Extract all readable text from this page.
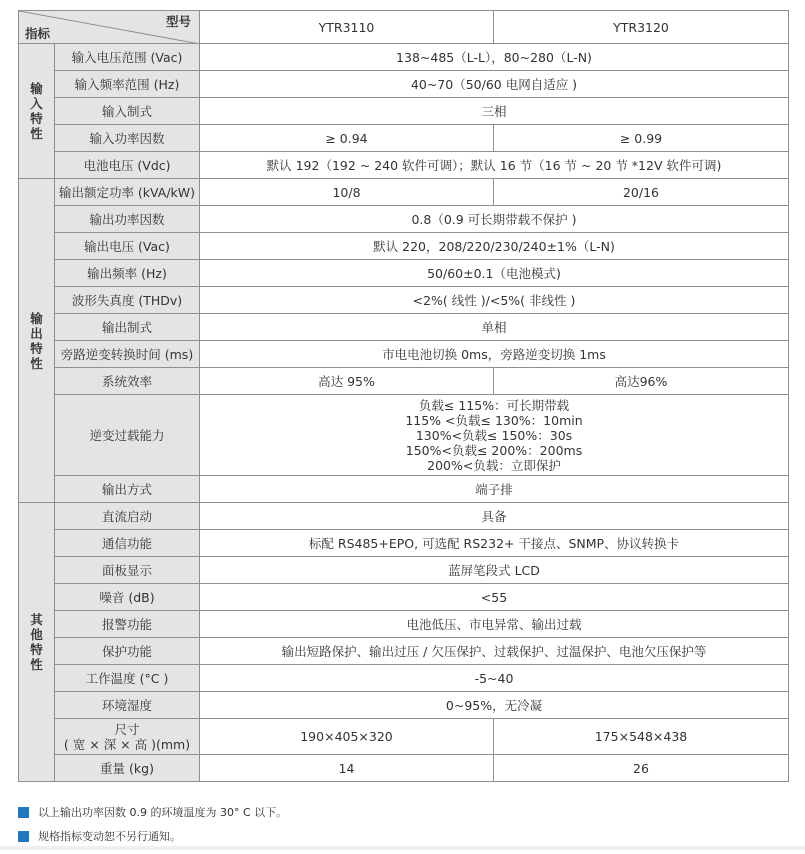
型号
指标		YTR3110	YTR3120
输
入
特
性	输入电压范围 (Vac)	138~485（L-L），80~280（L-N)	
	输入频率范围 (Hz)	40~70（50/60 电网自适应 )	
	输入制式	三相	
	输入功率因数	≥ 0.94	≥ 0.99
	电池电压 (Vdc)	默认 192（192 ~ 240 软件可调）；默认 16 节（16 节 ~ 20 节 *12V 软件可调)	
输
出
特
性	输出额定功率 (kVA/kW)	10/8	20/16
	输出功率因数	0.8（0.9 可长期带载不保护 )	
	输出电压 (Vac)	默认 220，208/220/230/240±1%（L-N)	
	输出频率 (Hz)	50/60±0.1（电池模式)	
	波形失真度 (THDv)	<2%( 线性 )/<5%( 非线性 )	
	输出制式	单相	
	旁路逆变转换时间 (ms)	市电电池切换 0ms，旁路逆变切换 1ms	
	系统效率	高达 95%	高达96%
	逆变过载能力	负载≤ 115%：可长期带载
115% <负载≤ 130%：10min
130%<负载≤ 150%：30s
150%<负载≤ 200%：200ms
200%<负载：立即保护	

	输出方式	端子排	
其
他
特
性	直流启动	具备	
	通信功能	标配 RS485+EPO, 可选配 RS232+ 干接点、SNMP、协议转换卡	
	面板显示	蓝屏笔段式 LCD	
	噪音 (dB)	<55	
	报警功能	电池低压、市电异常、输出过载	
	保护功能	输出短路保护、输出过压 / 欠压保护、过载保护、过温保护、电池欠压保护等	
	工作温度 (°C )	-5~40	
	环境湿度	0~95%，无冷凝	

	尺寸
( 宽 × 深 × 高 )(mm)	190×405×320	175×548×438
	重量 (kg)	14	26
以上输出功率因数 0.9 的环境温度为 30° C 以下。
规格指标变动恕不另行通知。
